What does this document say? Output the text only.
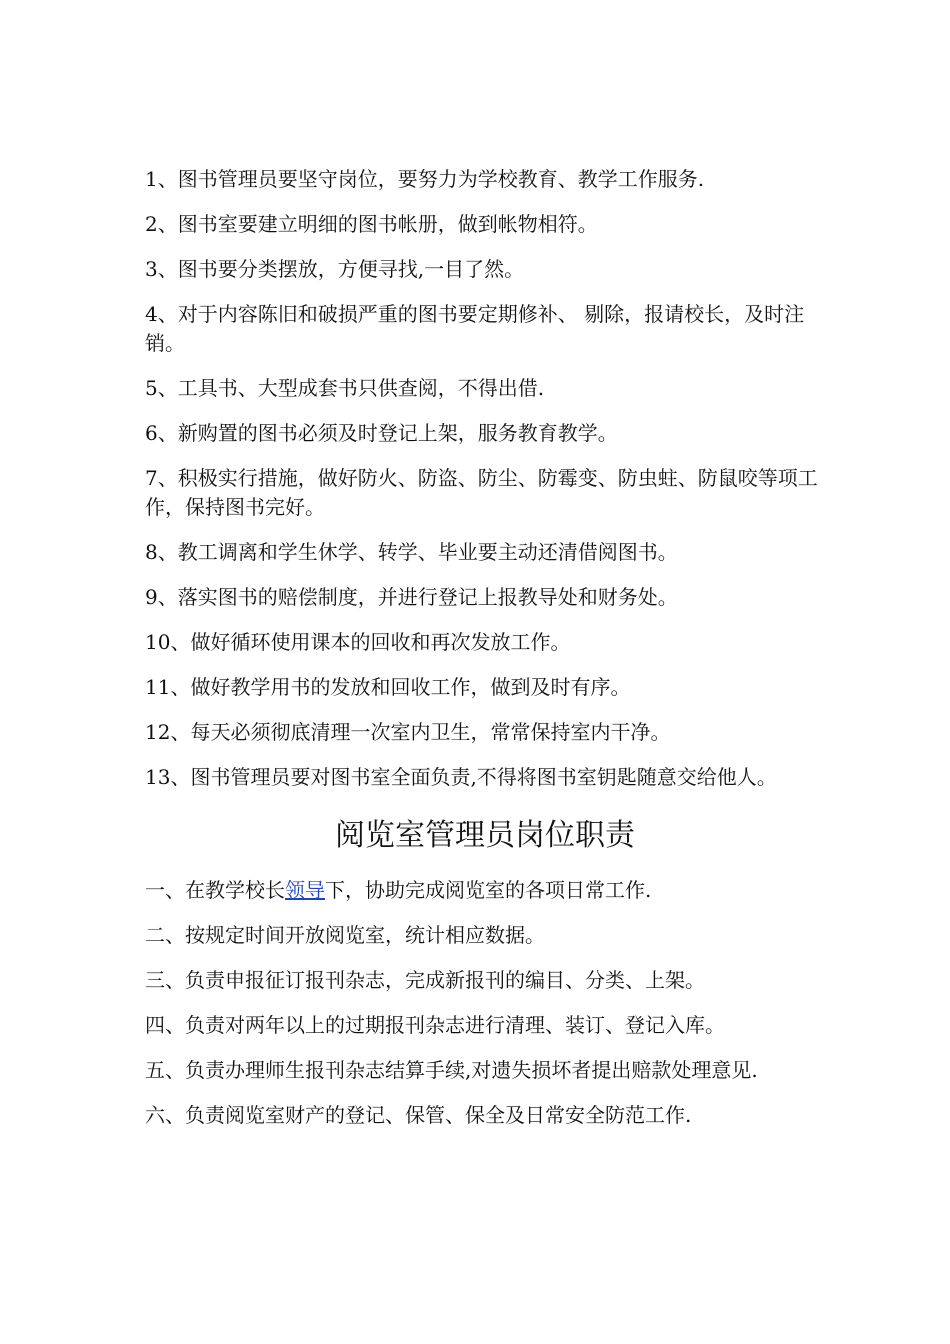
1、图书管理员要坚守岗位，要努力为学校教育、教学工作服务.

2、图书室要建立明细的图书帐册，做到帐物相符。

3、图书要分类摆放，方便寻找,一目了然。

4、对于内容陈旧和破损严重的图书要定期修补、 剔除，报请校长，及时注销。

5、工具书、大型成套书只供查阅，不得出借.

6、新购置的图书必须及时登记上架，服务教育教学。

7、积极实行措施，做好防火、防盗、防尘、防霉变、防虫蛀、防鼠咬等项工作，保持图书完好。

8、教工调离和学生休学、转学、毕业要主动还清借阅图书。

9、落实图书的赔偿制度，并进行登记上报教导处和财务处。

10、做好循环使用课本的回收和再次发放工作。

11、做好教学用书的发放和回收工作，做到及时有序。

12、每天必须彻底清理一次室内卫生，常常保持室内干净。

13、图书管理员要对图书室全面负责,不得将图书室钥匙随意交给他人。

阅览室管理员岗位职责

一、在教学校长领导下，协助完成阅览室的各项日常工作.

二、按规定时间开放阅览室，统计相应数据。

三、负责申报征订报刊杂志，完成新报刊的编目、分类、上架。

四、负责对两年以上的过期报刊杂志进行清理、装订、登记入库。

五、负责办理师生报刊杂志结算手续,对遗失损坏者提出赔款处理意见.

六、负责阅览室财产的登记、保管、保全及日常安全防范工作.
